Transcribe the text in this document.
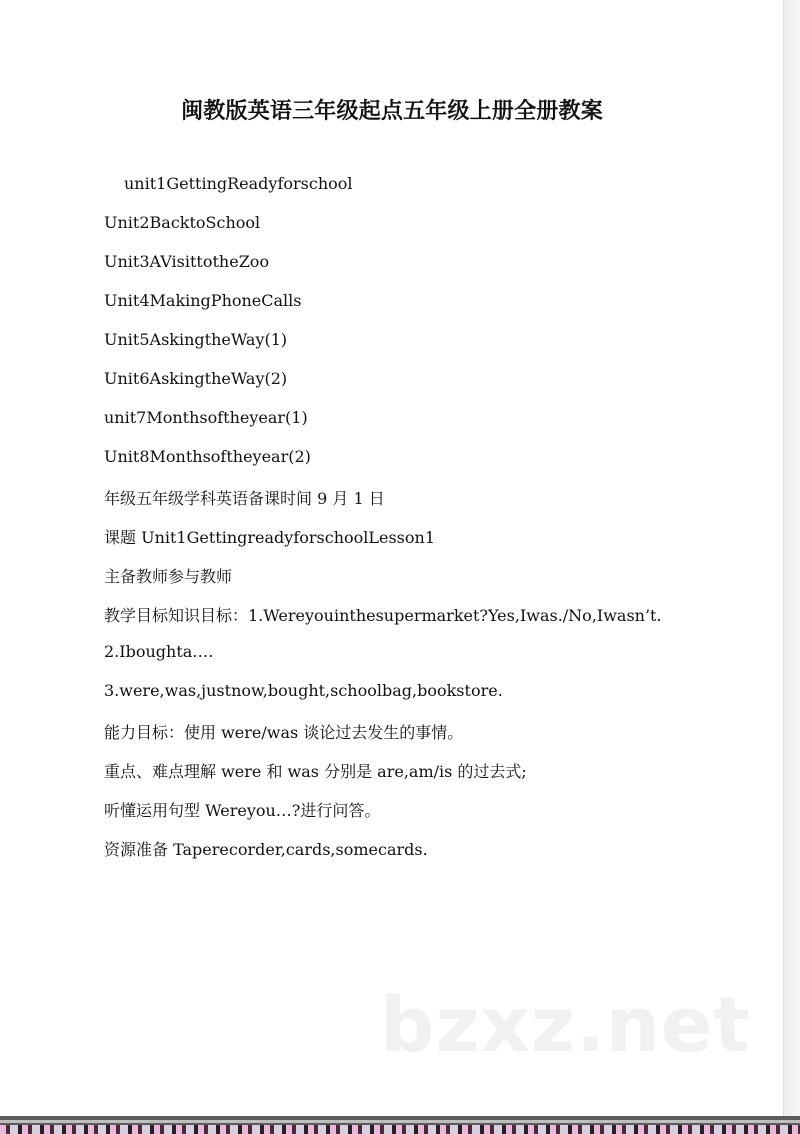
闽教版英语三年级起点五年级上册全册教案
unit1GettingReadyforschool
Unit2BacktoSchool
Unit3AVisittotheZoo
Unit4MakingPhoneCalls
Unit5AskingtheWay(1)
Unit6AskingtheWay(2)
unit7Monthsoftheyear(1)
Unit8Monthsoftheyear(2)
年级五年级学科英语备课时间 9 月 1 日
课题 Unit1GettingreadyforschoolLesson1
主备教师参与教师
教学目标知识目标：1.Wereyouinthesupermarket?Yes,Iwas./No,Iwasn’t.
2.Iboughta….
3.were,was,justnow,bought,schoolbag,bookstore.
能力目标：使用 were/was 谈论过去发生的事情。
重点、难点理解 were 和 was 分别是 are,am/is 的过去式;
听懂运用句型 Wereyou…?进行问答。
资源准备 Taperecorder,cards,somecards.
bzxz.net
